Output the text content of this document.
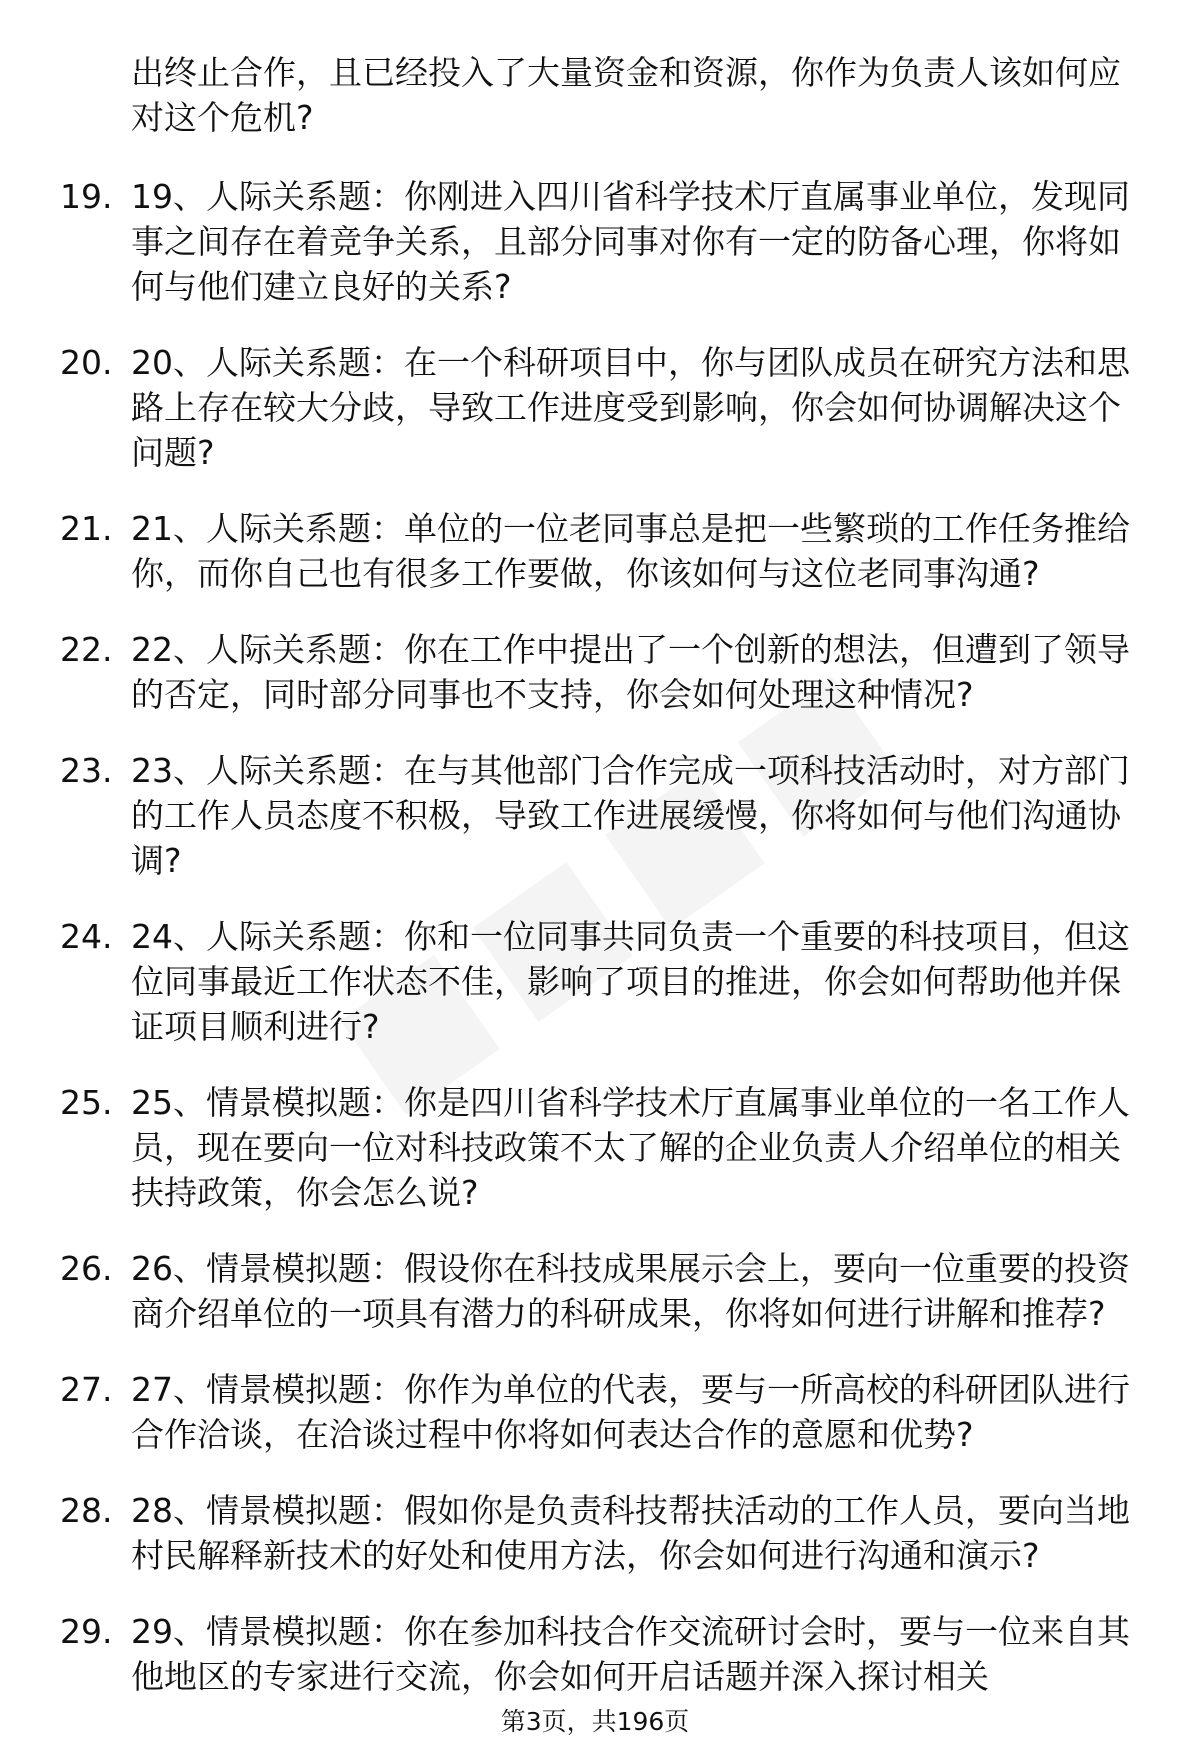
出终止合作，且已经投入了大量资金和资源，你作为负责人该如何应对这个危机?

19. 19、人际关系题：你刚进入四川省科学技术厅直属事业单位，发现同事之间存在着竞争关系，且部分同事对你有一定的防备心理，你将如何与他们建立良好的关系?
20. 20、人际关系题：在一个科研项目中，你与团队成员在研究方法和思路上存在较大分歧，导致工作进度受到影响，你会如何协调解决这个问题?
21. 21、人际关系题：单位的一位老同事总是把一些繁琐的工作任务推给你，而你自己也有很多工作要做，你该如何与这位老同事沟通?
22. 22、人际关系题：你在工作中提出了一个创新的想法，但遭到了领导的否定，同时部分同事也不支持，你会如何处理这种情况?
23. 23、人际关系题：在与其他部门合作完成一项科技活动时，对方部门的工作人员态度不积极，导致工作进展缓慢，你将如何与他们沟通协调?
24. 24、人际关系题：你和一位同事共同负责一个重要的科技项目，但这位同事最近工作状态不佳，影响了项目的推进，你会如何帮助他并保证项目顺利进行?
25. 25、情景模拟题：你是四川省科学技术厅直属事业单位的一名工作人员，现在要向一位对科技政策不太了解的企业负责人介绍单位的相关扶持政策，你会怎么说?
26. 26、情景模拟题：假设你在科技成果展示会上，要向一位重要的投资商介绍单位的一项具有潜力的科研成果，你将如何进行讲解和推荐?
27. 27、情景模拟题：你作为单位的代表，要与一所高校的科研团队进行合作洽谈，在洽谈过程中你将如何表达合作的意愿和优势?
28. 28、情景模拟题：假如你是负责科技帮扶活动的工作人员，要向当地村民解释新技术的好处和使用方法，你会如何进行沟通和演示?
29. 29、情景模拟题：你在参加科技合作交流研讨会时，要与一位来自其他地区的专家进行交流，你会如何开启话题并深入探讨相关
第3页，共196页
